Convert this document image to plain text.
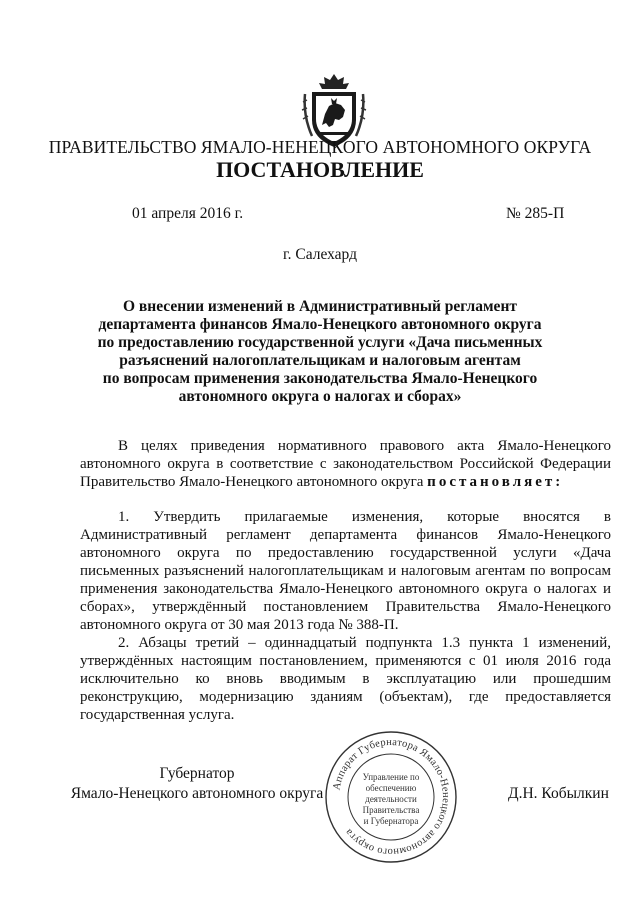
ПРАВИТЕЛЬСТВО ЯМАЛО-НЕНЕЦКОГО АВТОНОМНОГО ОКРУГА
ПОСТАНОВЛЕНИЕ
01 апреля 2016 г.	№ 285-П
г. Салехард
О внесении изменений в Административный регламент
департамента финансов Ямало-Ненецкого автономного округа
по предоставлению государственной услуги «Дача письменных
разъяснений налогоплательщикам и налоговым агентам
по вопросам применения законодательства Ямало-Ненецкого
автономного округа о налогах и сборах»
В целях приведения нормативного правового акта Ямало-Ненецкого
автономного округа в соответствие с законодательством Российской Федерации
Правительство Ямало-Ненецкого автономного округа постановляет:
1. Утвердить прилагаемые изменения, которые вносятся в
Административный регламент департамента финансов Ямало-Ненецкого
автономного округа по предоставлению государственной услуги «Дача
письменных разъяснений налогоплательщикам и налоговым агентам по вопросам
применения законодательства Ямало-Ненецкого автономного округа о налогах и
сборах», утверждённый постановлением Правительства Ямало-Ненецкого
автономного округа от 30 мая 2013 года № 388-П.
2. Абзацы третий – одиннадцатый подпункта 1.3 пункта 1 изменений,
утверждённых настоящим постановлением, применяются с 01 июля 2016 года
исключительно ко вновь вводимым в эксплуатацию или прошедшим
реконструкцию, модернизацию зданиям (объектам), где предоставляется
государственная услуга.
Губернатор
Ямало-Ненецкого автономного округа Аппарат Губернатора Ямало-Ненецкого автономного округа
Управление по
обеспечению
деятельности
Правительства
и Губернатора
Д.Н. Кобылкин
